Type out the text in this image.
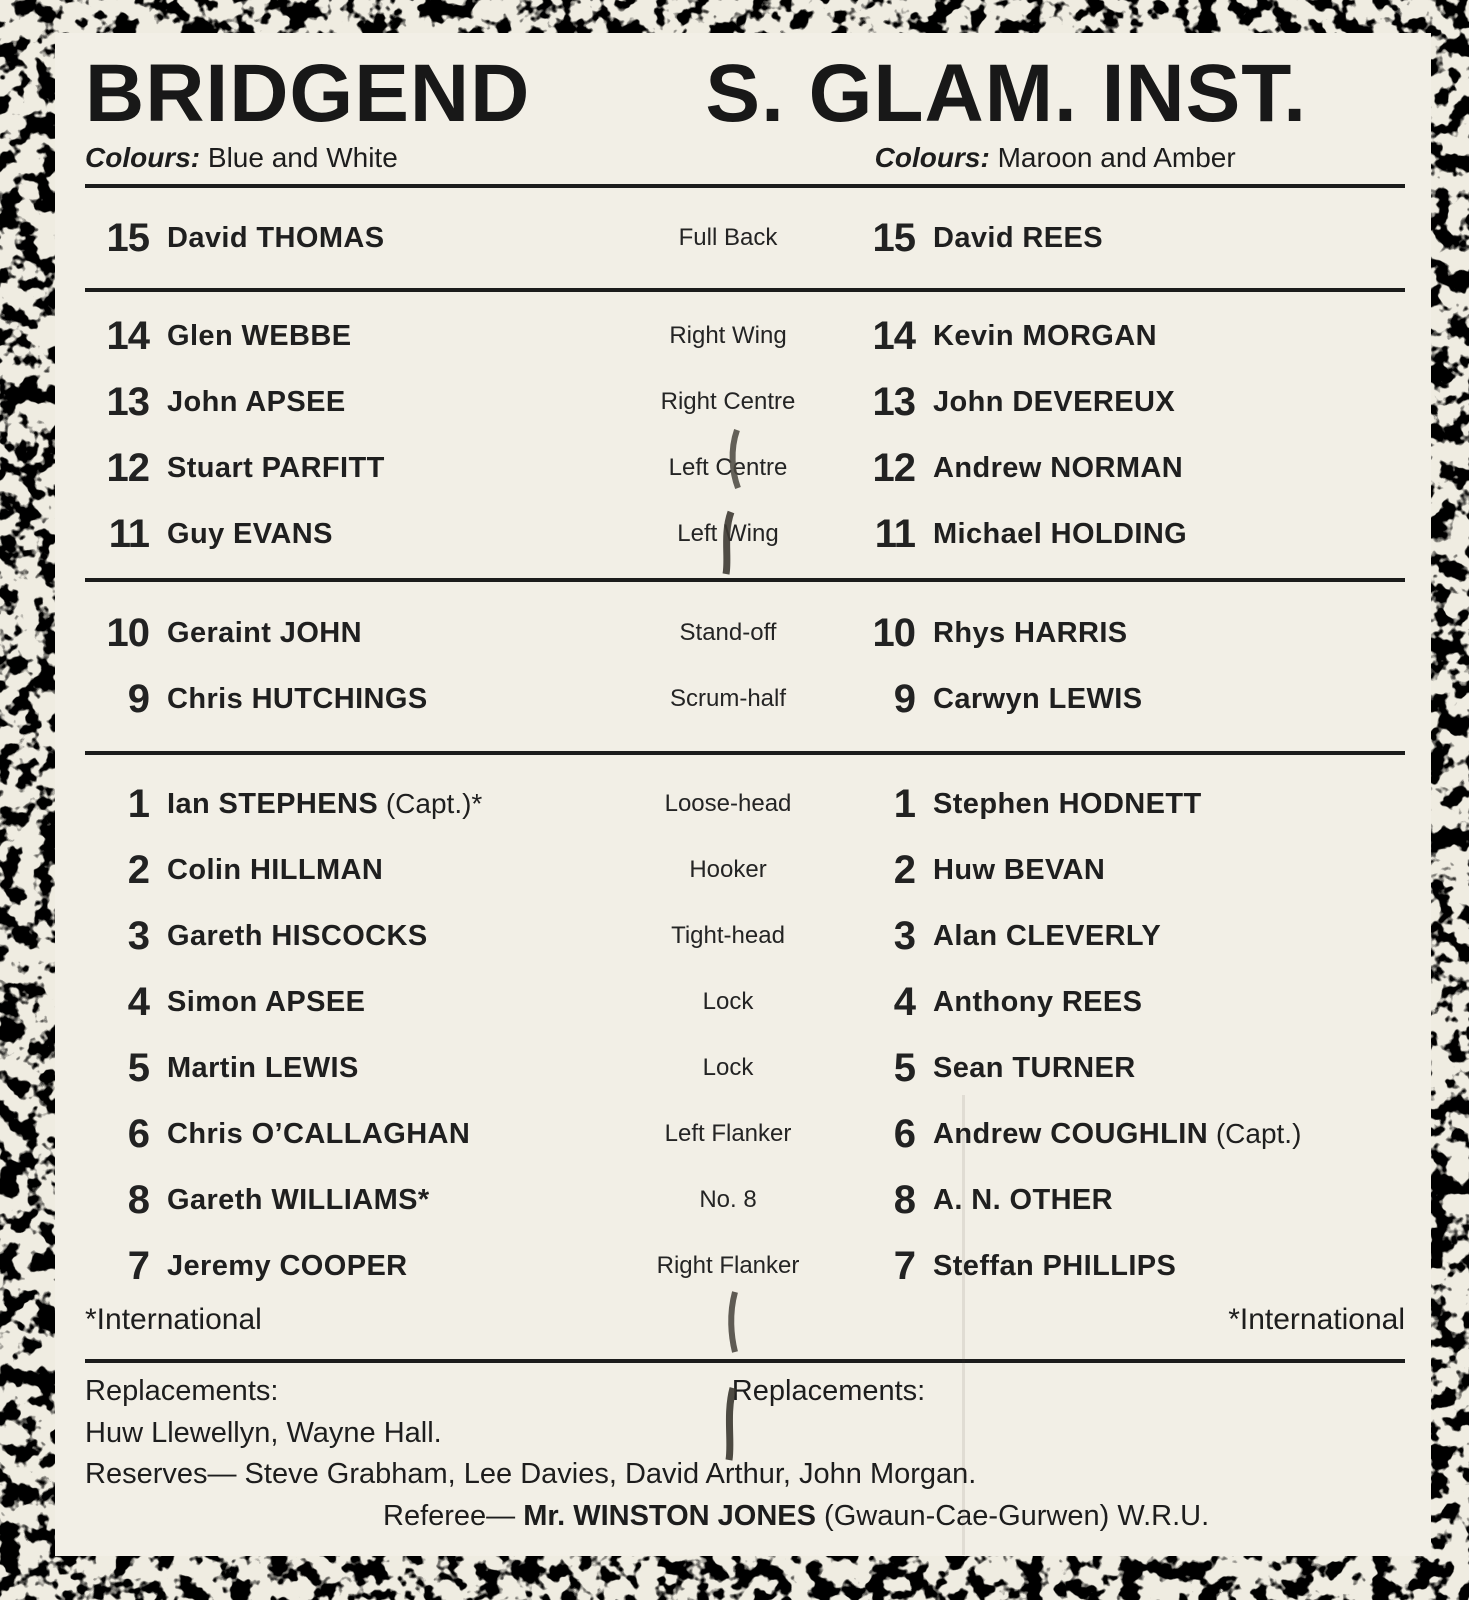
BRIDGEND
Colours: Blue and White
S. GLAM. INST.
Colours: Maroon and Amber
15 David THOMAS	Full Back	15 David REES
14 Glen WEBBE	Right Wing	14 Kevin MORGAN
13 John APSEE	Right Centre	13 John DEVEREUX
12 Stuart PARFITT	Left Centre	12 Andrew NORMAN
11 Guy EVANS	Left Wing	11 Michael HOLDING
10 Geraint JOHN	Stand-off	10 Rhys HARRIS
9 Chris HUTCHINGS	Scrum-half	9 Carwyn LEWIS
1 Ian STEPHENS (Capt.)*	Loose-head	1 Stephen HODNETT
2 Colin HILLMAN	Hooker	2 Huw BEVAN
3 Gareth HISCOCKS	Tight-head	3 Alan CLEVERLY
4 Simon APSEE	Lock	4 Anthony REES
5 Martin LEWIS	Lock	5 Sean TURNER
6 Chris O’CALLAGHAN	Left Flanker	6 Andrew COUGHLIN (Capt.)
8 Gareth WILLIAMS*	No. 8	8 A. N. OTHER
7 Jeremy COOPER	Right Flanker	7 Steffan PHILLIPS
*International	*International
Replacements:	Replacements:
Huw Llewellyn, Wayne Hall.
Reserves— Steve Grabham, Lee Davies, David Arthur, John Morgan.
Referee— Mr. WINSTON JONES (Gwaun-Cae-Gurwen) W.R.U.
